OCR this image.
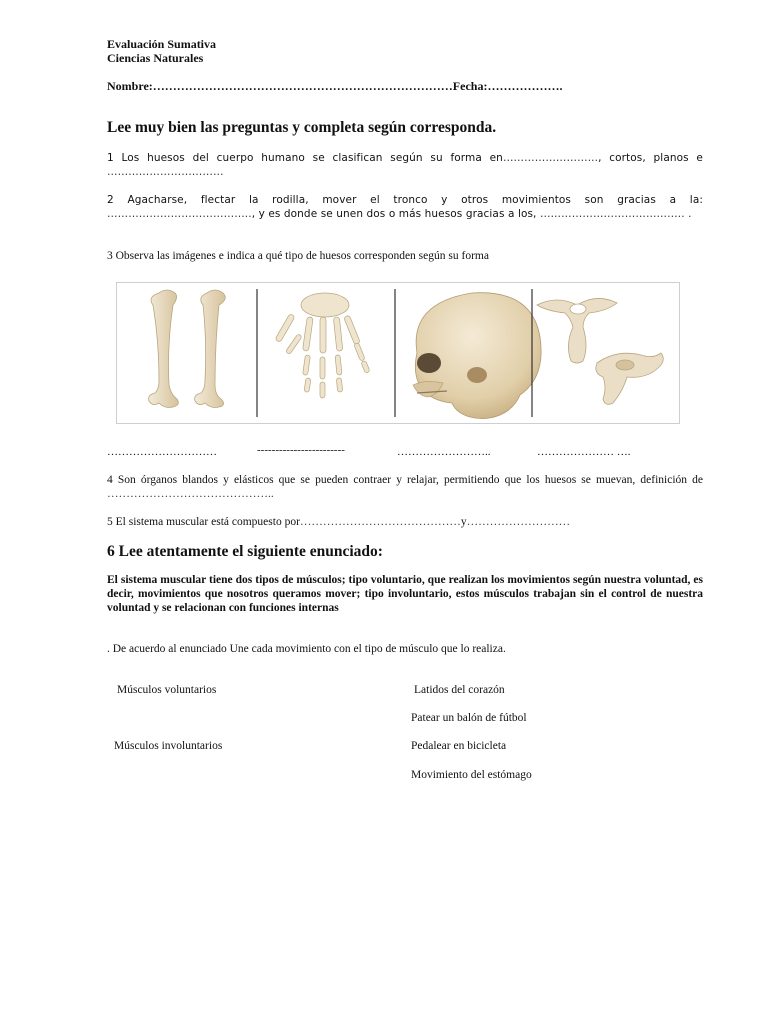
Evaluación Sumativa
Ciencias Naturales
Nombre:…………………………………………………………………Fecha:……………….
Lee muy bien las preguntas y completa según corresponda.
1 Los huesos del cuerpo humano se clasifican según su forma en……………………..., cortos, planos e ……………………………
2 Agacharse, flectar la rodilla, mover el tronco y otros movimientos son gracias a la: ………………………………….., y es donde se unen dos o más huesos gracias a los, ………………………………….. .
3 Observa las imágenes e indica a qué tipo de huesos corresponden según su forma
…………………………	------------------------	……………………..	………………… ….
4 Son órganos blandos y elásticos que se pueden contraer y relajar, permitiendo que los huesos se muevan, definición de ……………………………………..
5 El sistema muscular está compuesto por……………………………………y………………………
6 Lee atentamente el siguiente enunciado:
El sistema muscular tiene dos tipos de músculos; tipo voluntario, que realizan los movimientos según nuestra voluntad, es decir, movimientos que nosotros queramos mover; tipo involuntario, estos músculos trabajan sin el control de nuestra voluntad y se relacionan con funciones internas
. De acuerdo al enunciado Une cada movimiento con el tipo de músculo que lo realiza.
Músculos voluntarios
Músculos involuntarios
Latidos del corazón
Patear un balón de fútbol
Pedalear en bicicleta
Movimiento del estómago
